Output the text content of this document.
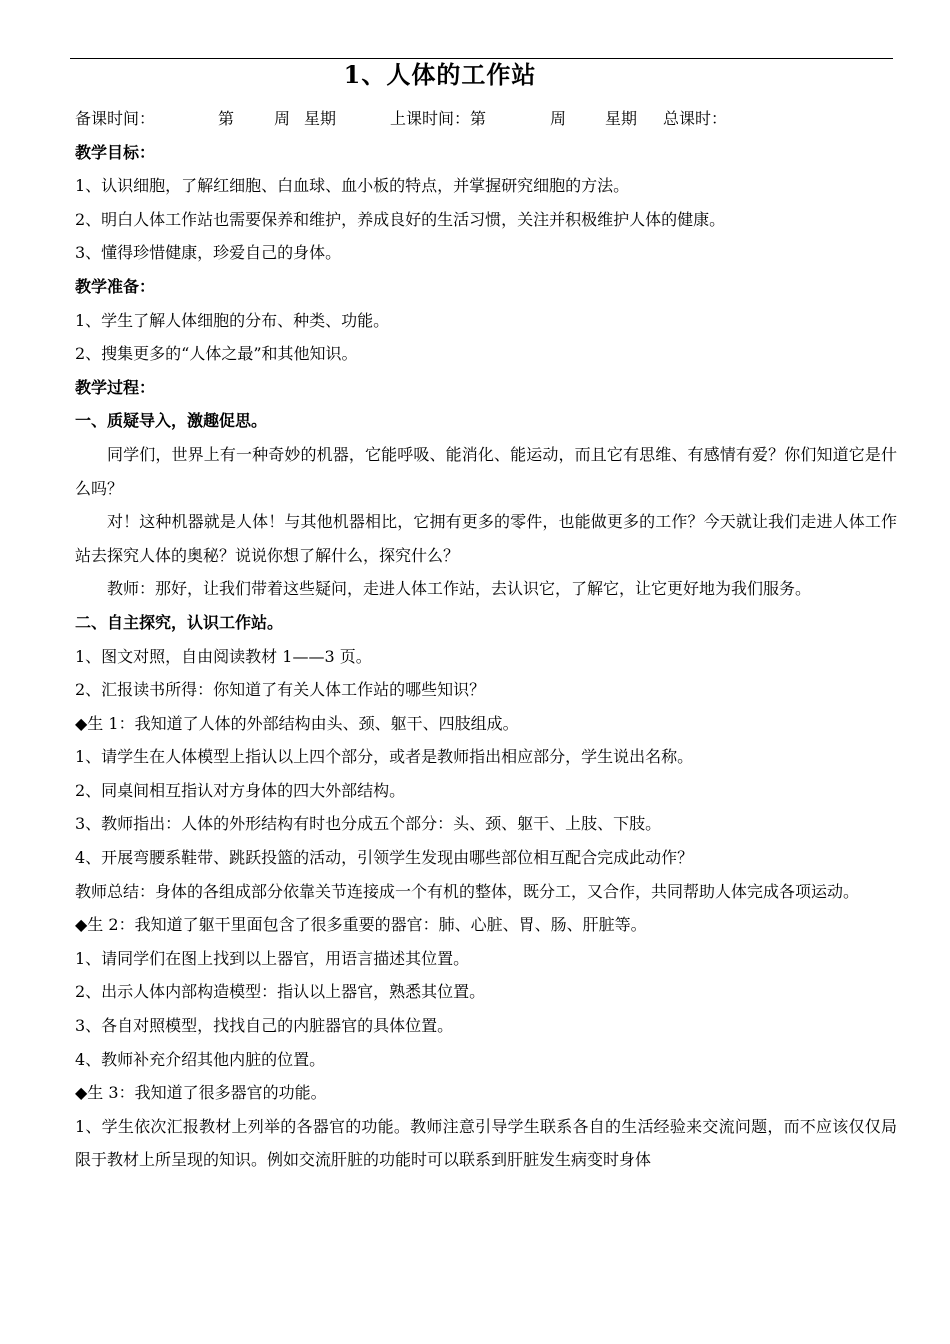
1、人体的工作站
备课时间：	第	周 星期	上课时间：第	周	星期	总课时：
教学目标：
1、认识细胞，了解红细胞、白血球、血小板的特点，并掌握研究细胞的方法。
2、明白人体工作站也需要保养和维护，养成良好的生活习惯，关注并积极维护人体的健康。
3、懂得珍惜健康，珍爱自己的身体。
教学准备：
1、学生了解人体细胞的分布、种类、功能。
2、搜集更多的“人体之最”和其他知识。
教学过程：
一、质疑导入，激趣促思。
同学们，世界上有一种奇妙的机器，它能呼吸、能消化、能运动，而且它有思维、有感情有爱？你们知道它是什么吗？
对！这种机器就是人体！与其他机器相比，它拥有更多的零件，也能做更多的工作？今天就让我们走进人体工作站去探究人体的奥秘？说说你想了解什么，探究什么？
教师：那好，让我们带着这些疑问，走进人体工作站，去认识它，了解它，让它更好地为我们服务。
二、自主探究，认识工作站。
1、图文对照，自由阅读教材 1——3 页。
2、汇报读书所得：你知道了有关人体工作站的哪些知识？
◆生 1：我知道了人体的外部结构由头、颈、躯干、四肢组成。
1、请学生在人体模型上指认以上四个部分，或者是教师指出相应部分，学生说出名称。
2、同桌间相互指认对方身体的四大外部结构。
3、教师指出：人体的外形结构有时也分成五个部分：头、颈、躯干、上肢、下肢。
4、开展弯腰系鞋带、跳跃投篮的活动，引领学生发现由哪些部位相互配合完成此动作？
教师总结：身体的各组成部分依靠关节连接成一个有机的整体，既分工，又合作，共同帮助人体完成各项运动。
◆生 2：我知道了躯干里面包含了很多重要的器官：肺、心脏、胃、肠、肝脏等。
1、请同学们在图上找到以上器官，用语言描述其位置。
2、出示人体内部构造模型：指认以上器官，熟悉其位置。
3、各自对照模型，找找自己的内脏器官的具体位置。
4、教师补充介绍其他内脏的位置。
◆生 3：我知道了很多器官的功能。
1、学生依次汇报教材上列举的各器官的功能。教师注意引导学生联系各自的生活经验来交流问题，而不应该仅仅局限于教材上所呈现的知识。例如交流肝脏的功能时可以联系到肝脏发生病变时身体
